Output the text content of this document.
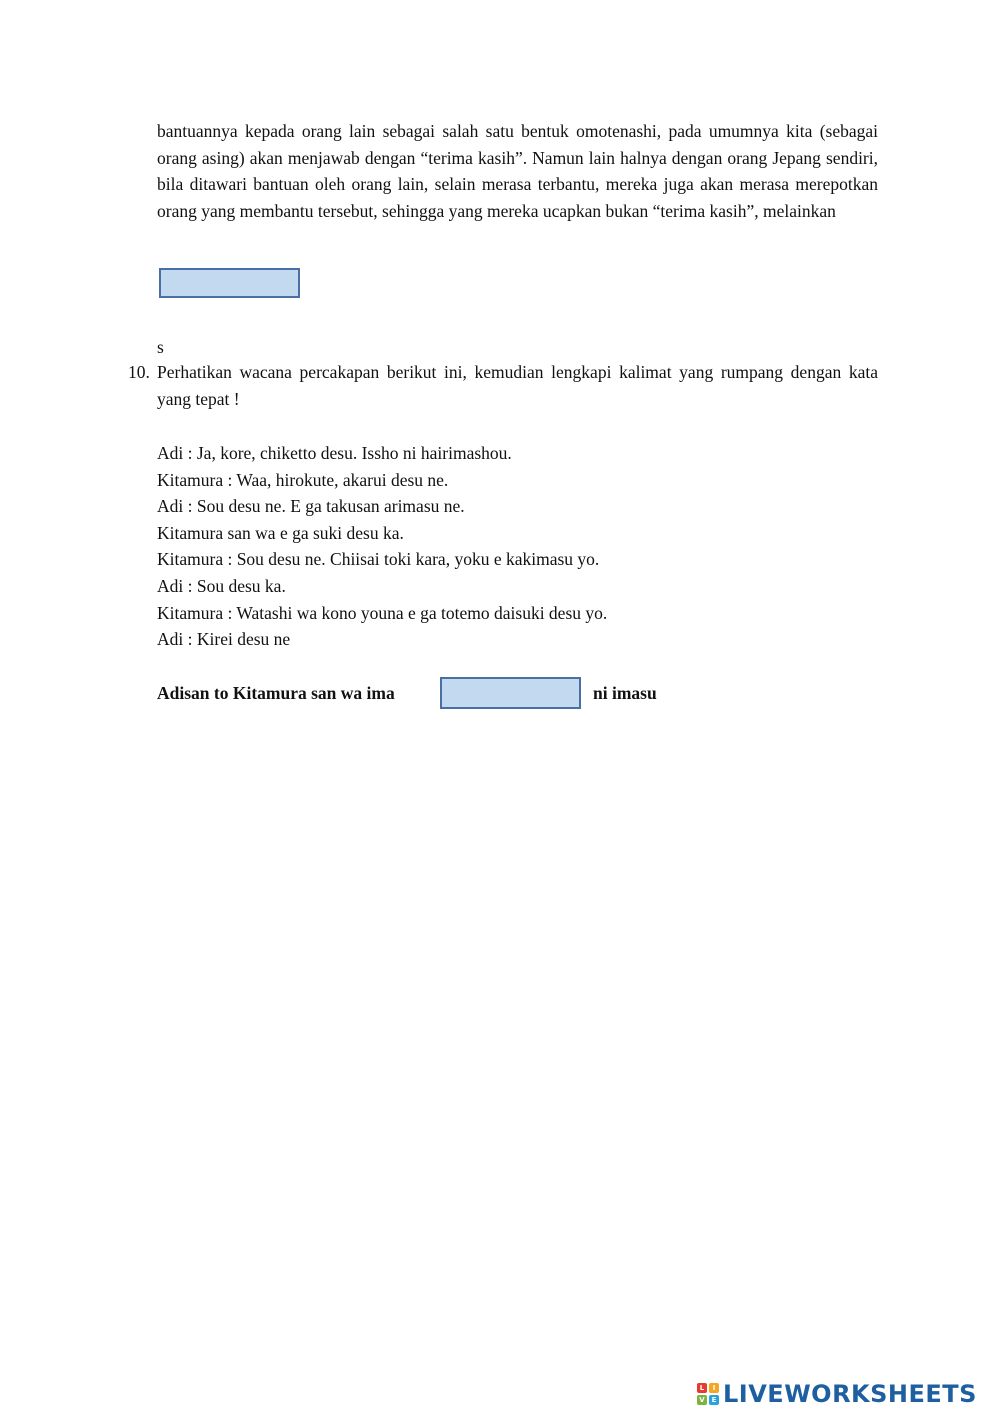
bantuannya kepada orang lain sebagai salah satu bentuk omotenashi, pada umumnya kita (sebagai orang asing) akan menjawab dengan “terima kasih”. Namun lain halnya dengan orang Jepang sendiri, bila ditawari bantuan oleh orang lain, selain merasa terbantu, mereka juga akan merasa merepotkan orang yang membantu tersebut, sehingga yang mereka ucapkan bukan “terima kasih”, melainkan

s
10. Perhatikan wacana percakapan berikut ini, kemudian lengkapi kalimat yang rumpang dengan kata yang tepat !

Adi : Ja, kore, chiketto desu. Issho ni hairimashou.
Kitamura : Waa, hirokute, akarui desu ne.
Adi : Sou desu ne. E ga takusan arimasu ne.
Kitamura san wa e ga suki desu ka.
Kitamura : Sou desu ne. Chiisai toki kara, yoku e kakimasu yo.
Adi : Sou desu ka.
Kitamura : Watashi wa kono youna e ga totemo daisuki desu yo.
Adi : Kirei desu ne
Adisan to Kitamura san wa ima	ni imasu
L	I
V E LIVEWORKSHEETS
